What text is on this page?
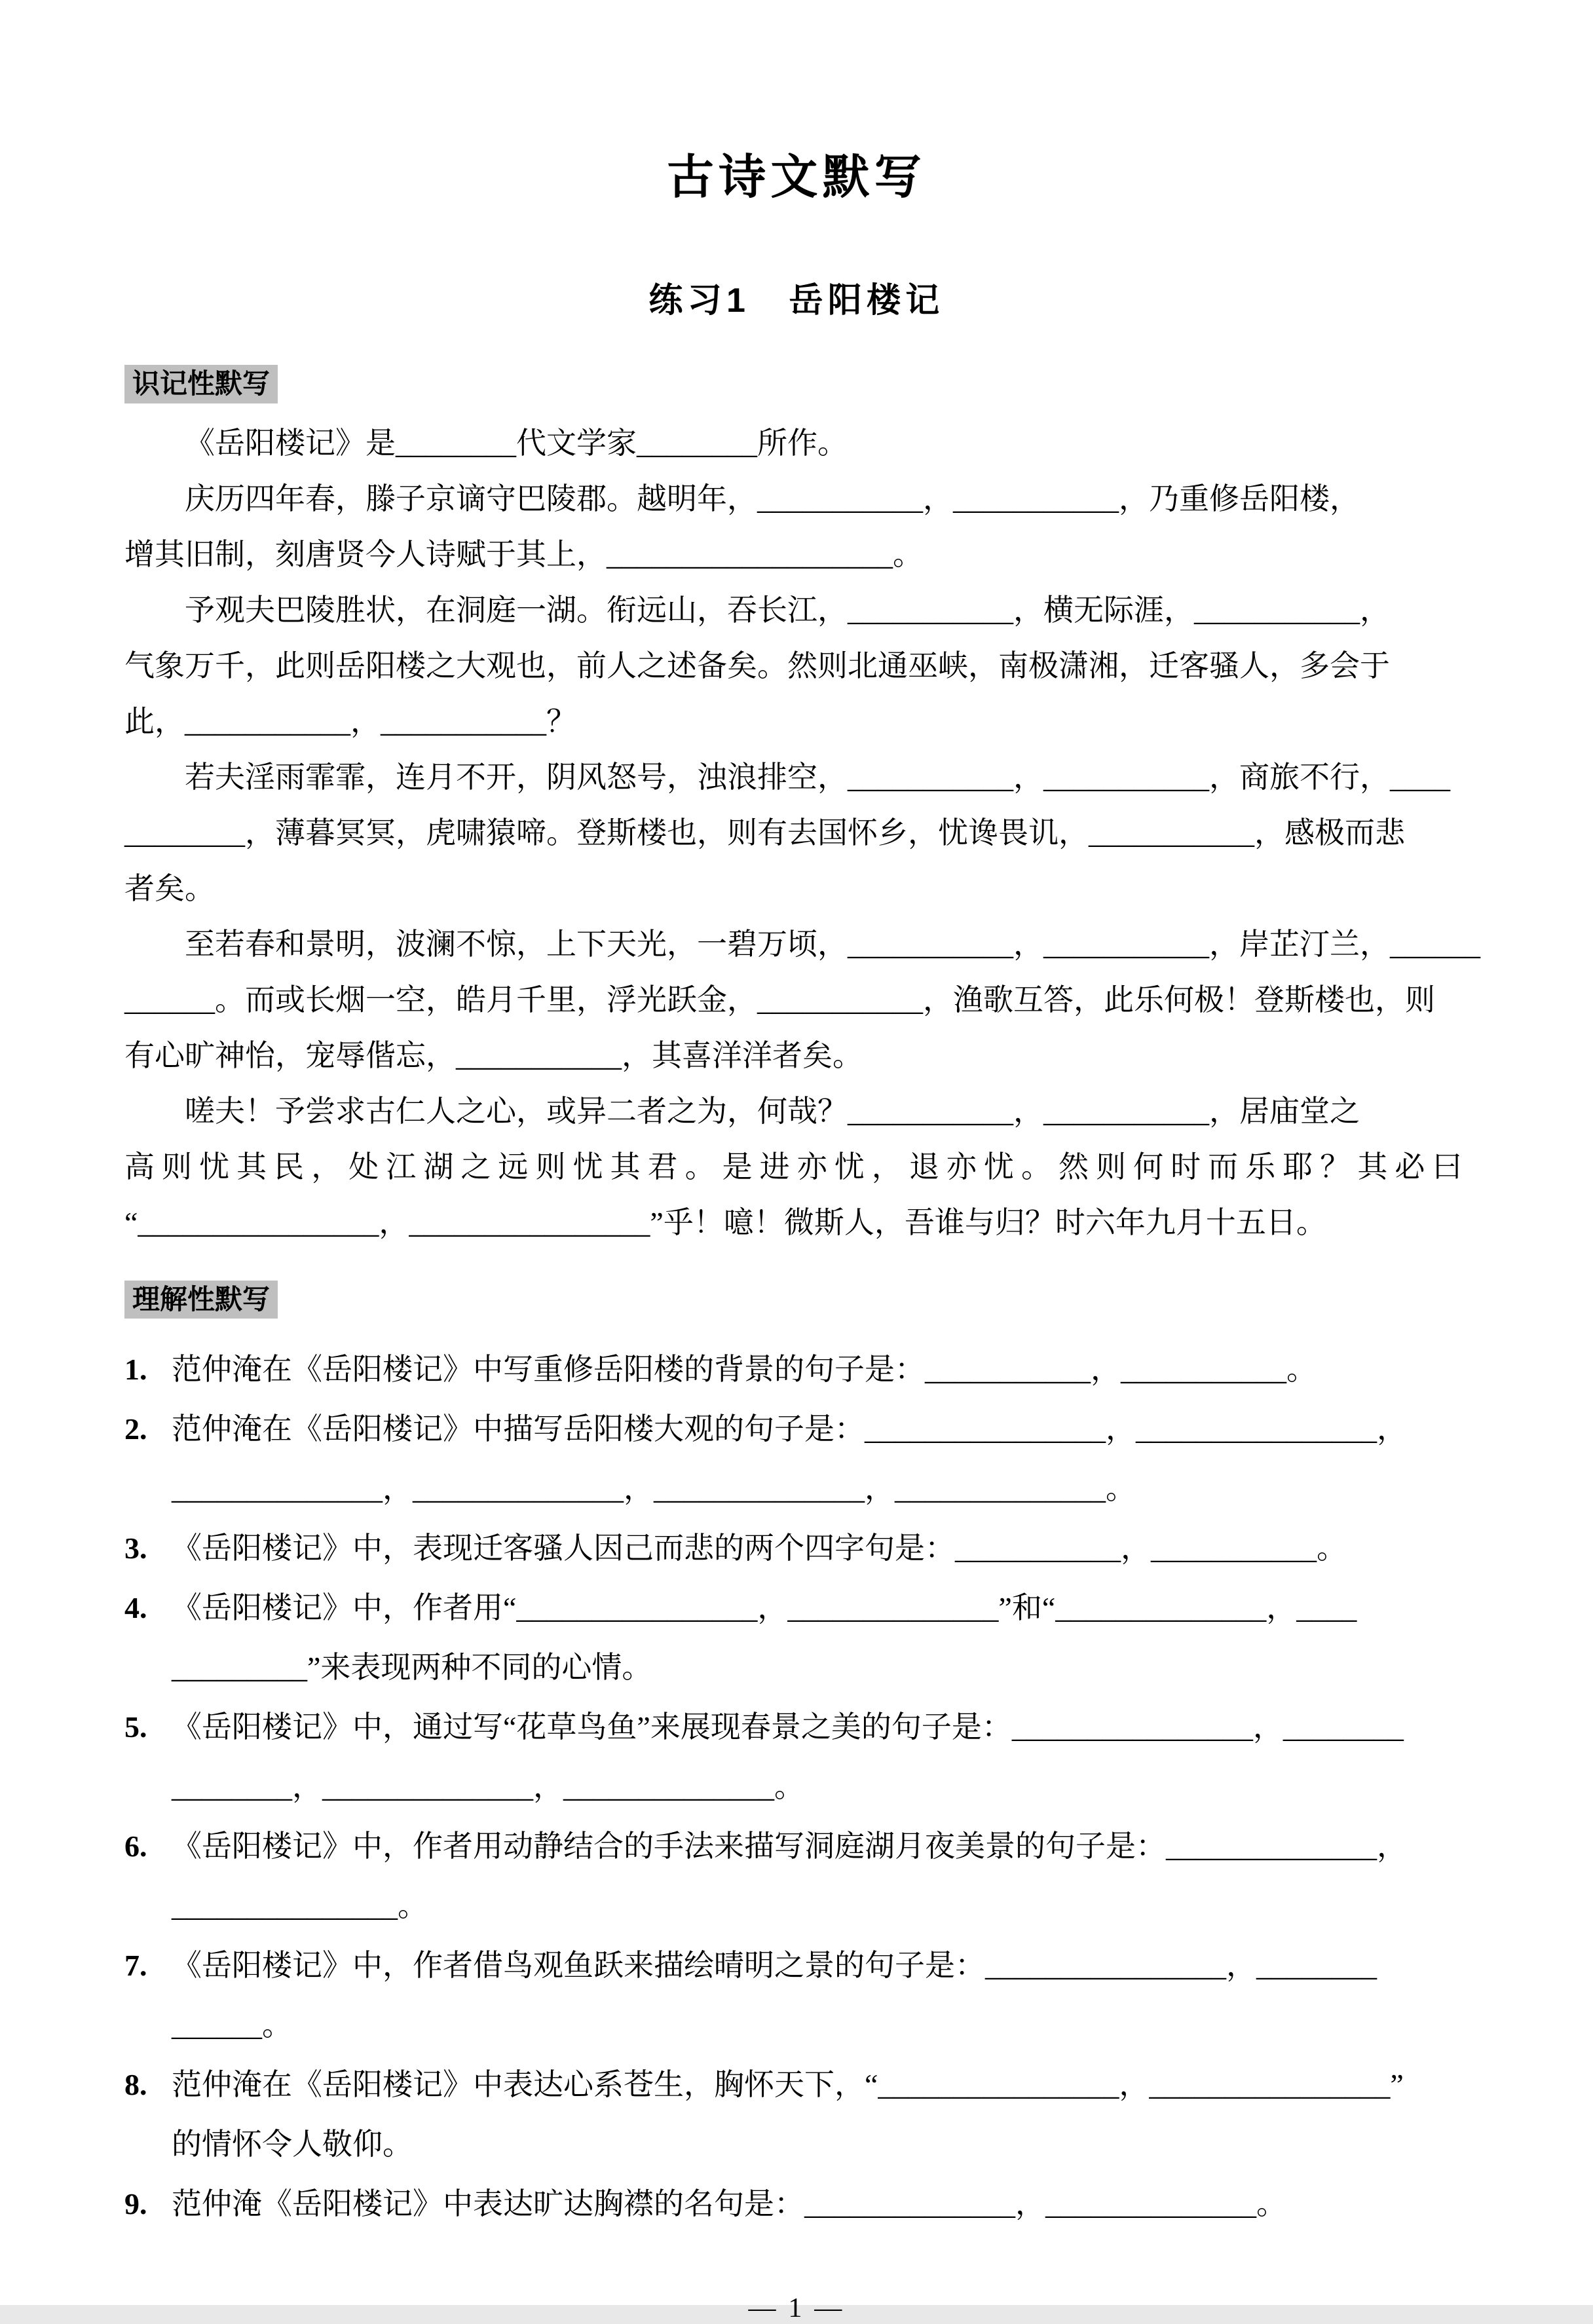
古诗文默写
练习1　岳阳楼记
识记性默写

《岳阳楼记》是________代文学家________所作。

庆历四年春，滕子京谪守巴陵郡。越明年，___________，___________，乃重修岳阳楼，

增其旧制，刻唐贤今人诗赋于其上，___________________。

予观夫巴陵胜状，在洞庭一湖。衔远山，吞长江，___________，横无际涯，___________，

气象万千，此则岳阳楼之大观也，前人之述备矣。然则北通巫峡，南极潇湘，迁客骚人，多会于

此，___________，___________？

若夫淫雨霏霏，连月不开，阴风怒号，浊浪排空，___________，___________，商旅不行，____

________，薄暮冥冥，虎啸猿啼。登斯楼也，则有去国怀乡，忧谗畏讥，___________，感极而悲

者矣。

至若春和景明，波澜不惊，上下天光，一碧万顷，___________，___________，岸芷汀兰，______

______。而或长烟一空，皓月千里，浮光跃金，___________，渔歌互答，此乐何极！登斯楼也，则

有心旷神怡，宠辱偕忘，___________，其喜洋洋者矣。

嗟夫！予尝求古仁人之心，或异二者之为，何哉？___________，___________，居庙堂之

高则忧其民，处江湖之远则忧其君。是进亦忧，退亦忧。然则何时而乐耶？其必曰

“________________，________________”乎！噫！微斯人，吾谁与归？时六年九月十五日。

理解性默写
1. 范仲淹在《岳阳楼记》中写重修岳阳楼的背景的句子是：___________，___________。

2. 范仲淹在《岳阳楼记》中描写岳阳楼大观的句子是：________________，________________，

______________，______________，______________，______________。

3. 《岳阳楼记》中，表现迁客骚人因己而悲的两个四字句是：___________，___________。

4. 《岳阳楼记》中，作者用“________________，______________”和“______________，____

_________”来表现两种不同的心情。

5. 《岳阳楼记》中，通过写“花草鸟鱼”来展现春景之美的句子是：________________，________

________，______________，______________。

6. 《岳阳楼记》中，作者用动静结合的手法来描写洞庭湖月夜美景的句子是：______________，

_______________。

7. 《岳阳楼记》中，作者借鸟观鱼跃来描绘晴明之景的句子是：________________，________

______。

8. 范仲淹在《岳阳楼记》中表达心系苍生，胸怀天下，“________________，________________”

的情怀令人敬仰。

9. 范仲淹《岳阳楼记》中表达旷达胸襟的名句是：______________，______________。

— 1 —
